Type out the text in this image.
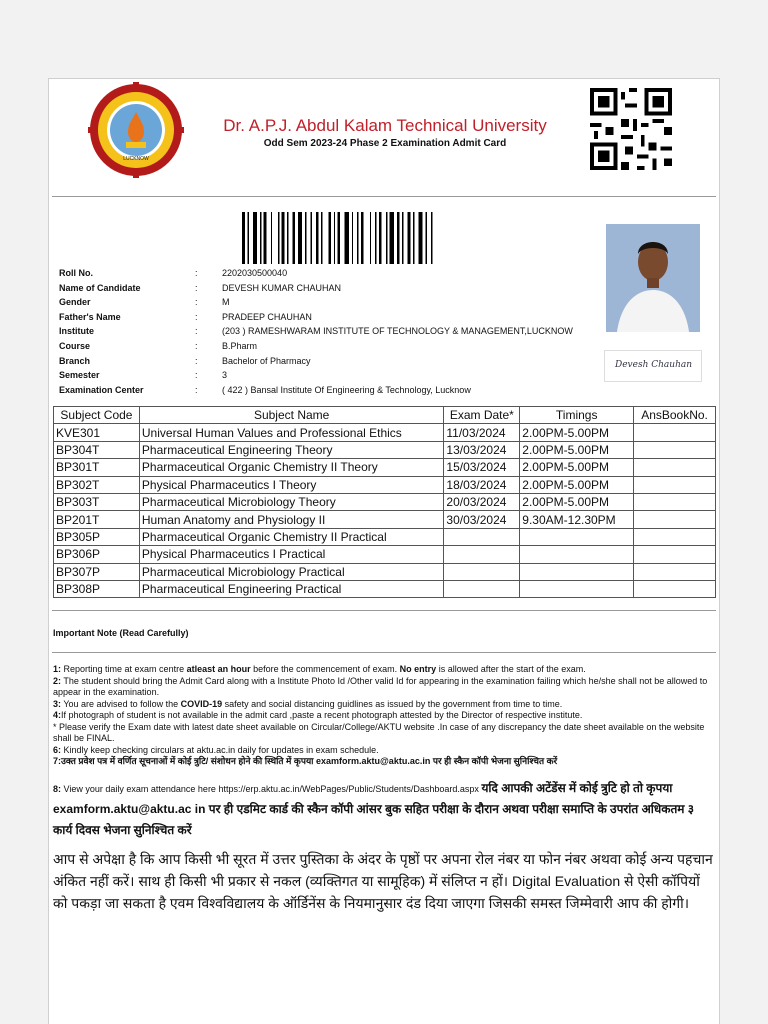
LUCKNOW
Dr. A.P.J. Abdul Kalam Technical University
Odd Sem 2023-24 Phase 2 Examination Admit Card
Devesh Chauhan
Roll No.	:	2202030500040
Name of Candidate	:	DEVESH KUMAR CHAUHAN
Gender	:	M
Father's Name	:	PRADEEP CHAUHAN
Institute	:	(203 ) RAMESHWARAM INSTITUTE OF TECHNOLOGY & MANAGEMENT,LUCKNOW
Course	:	B.Pharm
Branch	:	Bachelor of Pharmacy
Semester	:	3
Examination Center	:	( 422 ) Bansal Institute Of Engineering & Technology, Lucknow
Subject Code	Subject Name	Exam Date*	Timings	AnsBookNo.
KVE301	Universal Human Values and Professional Ethics	11/03/2024	2.00PM-5.00PM	
BP304T	Pharmaceutical Engineering Theory	13/03/2024	2.00PM-5.00PM	
BP301T	Pharmaceutical Organic Chemistry II Theory	15/03/2024	2.00PM-5.00PM	
BP302T	Physical Pharmaceutics I Theory	18/03/2024	2.00PM-5.00PM	
BP303T	Pharmaceutical Microbiology Theory	20/03/2024	2.00PM-5.00PM	
BP201T	Human Anatomy and Physiology II	30/03/2024	9.30AM-12.30PM	
BP305P	Pharmaceutical Organic Chemistry II Practical			
BP306P	Physical Pharmaceutics I Practical			
BP307P	Pharmaceutical Microbiology Practical			
BP308P	Pharmaceutical Engineering Practical			
Important Note (Read Carefully)

1: Reporting time at exam centre atleast an hour before the commencement of exam. No entry is allowed after the start of the exam.

2: The student should bring the Admit Card along with a Institute Photo Id /Other valid Id for appearing in the examination failing which he/she shall not be allowed to appear in the examination.

3: You are advised to follow the COVID-19 safety and social distancing guidlines as issued by the government from time to time.

4:If photograph of student is not available in the admit card ,paste a recent photograph attested by the Director of respective institute.

* Please verify the Exam date with latest date sheet available on Circular/College/AKTU website .In case of any discrepancy the date sheet available on the website shall be FINAL.

6: Kindly keep checking circulars at aktu.ac.in daily for updates in exam schedule.

7:उक्त प्रवेश पत्र में वर्णित सूचनाओं में कोई त्रुटि/ संशोधन होने की स्थिति में कृपया examform.aktu@aktu.ac.in पर ही स्कैन कॉपी भेजना सुनिश्चित करें

8: View your daily exam attendance here https://erp.aktu.ac.in/WebPages/Public/Students/Dashboard.aspx यदि आपकी अटेंडेंस में कोई त्रुटि हो तो कृपया examform.aktu@aktu.ac in पर ही एडमिट कार्ड की स्कैन कॉपी आंसर बुक सहित परीक्षा के दौरान अथवा परीक्षा समाप्ति के उपरांत अधिकतम ३ कार्य दिवस भेजना सुनिश्चित करें
आप से अपेक्षा है कि आप किसी भी सूरत में उत्तर पुस्तिका के अंदर के पृष्ठों पर अपना रोल नंबर या फोन नंबर अथवा कोई अन्य पहचान अंकित नहीं करें। साथ ही किसी भी प्रकार से नकल (व्यक्तिगत या सामूहिक) में संलिप्त न हों। Digital Evaluation से ऐसी कॉपियों को पकड़ा जा सकता है एवम विश्वविद्यालय के ऑर्डिनेंस के नियमानुसार दंड दिया जाएगा जिसकी समस्त जिम्मेवारी आप की होगी।
